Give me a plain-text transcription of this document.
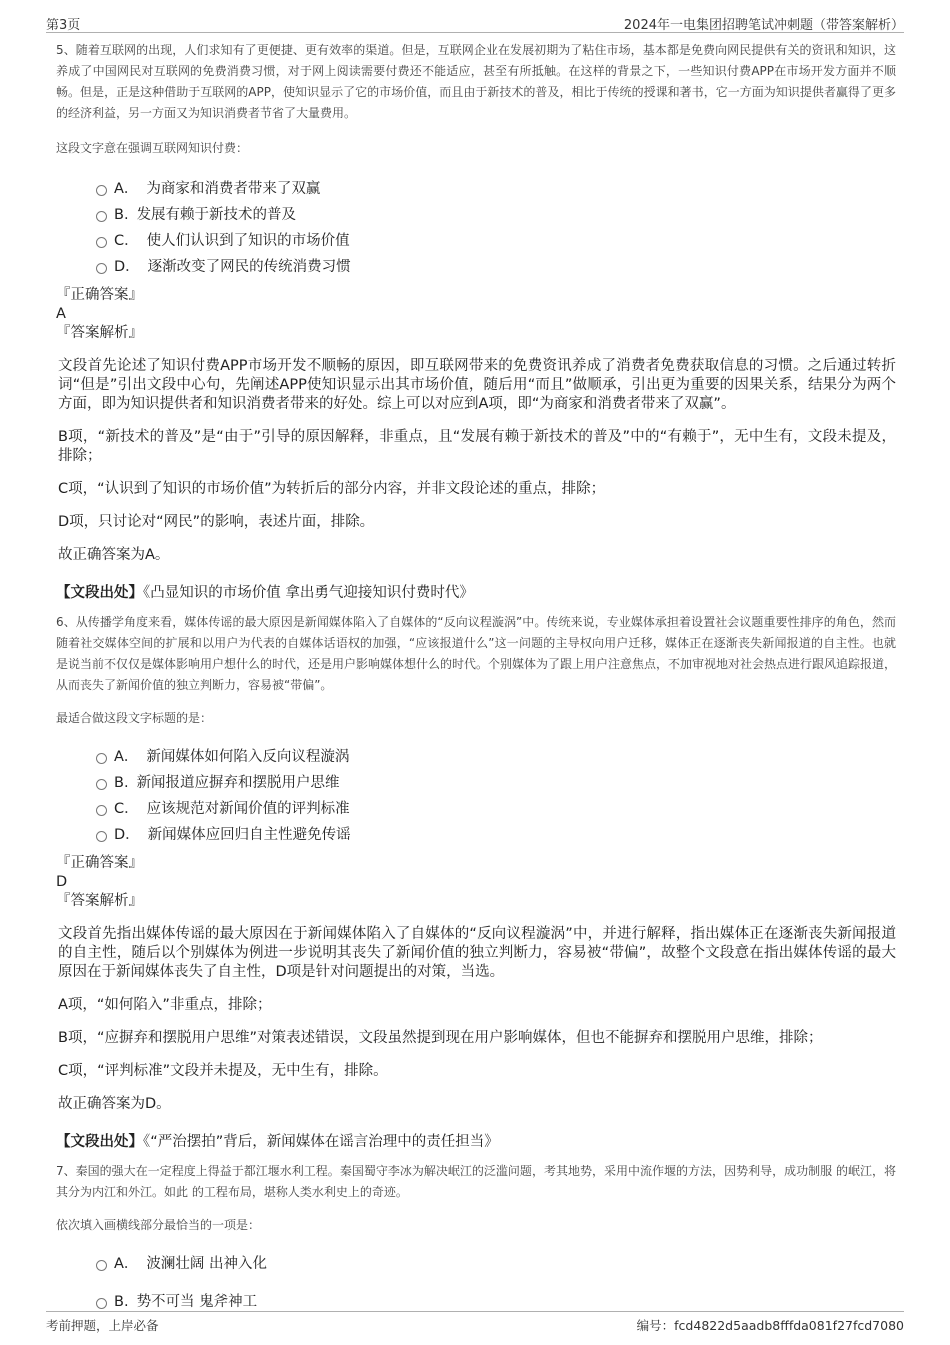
第3页	2024年一电集团招聘笔试冲刺题（带答案解析）

5、随着互联网的出现，人们求知有了更便捷、更有效率的渠道。但是，互联网企业在发展初期为了粘住市场，基本都是免费向网民提供有关的资讯和知识，这养成了中国网民对互联网的免费消费习惯，对于网上阅读需要付费还不能适应，甚至有所抵触。在这样的背景之下，一些知识付费APP在市场开发方面并不顺畅。但是，正是这种借助于互联网的APP，使知识显示了它的市场价值，而且由于新技术的普及，相比于传统的授课和著书，它一方面为知识提供者赢得了更多的经济利益，另一方面又为知识消费者节省了大量费用。

这段文字意在强调互联网知识付费：

A． 为商家和消费者带来了双赢
B. 发展有赖于新技术的普及
C． 使人们认识到了知识的市场价值
D． 逐渐改变了网民的传统消费习惯

『正确答案』

A

『答案解析』

文段首先论述了知识付费APP市场开发不顺畅的原因，即互联网带来的免费资讯养成了消费者免费获取信息的习惯。之后通过转折词“但是”引出文段中心句，先阐述APP使知识显示出其市场价值，随后用“而且”做顺承，引出更为重要的因果关系，结果分为两个方面，即为知识提供者和知识消费者带来的好处。综上可以对应到A项，即“为商家和消费者带来了双赢”。

B项，“新技术的普及”是“由于”引导的原因解释，非重点，且“发展有赖于新技术的普及”中的“有赖于”，无中生有，文段未提及，排除；

C项，“认识到了知识的市场价值”为转折后的部分内容，并非文段论述的重点，排除；

D项，只讨论对“网民”的影响，表述片面，排除。

故正确答案为A。

【文段出处】《凸显知识的市场价值 拿出勇气迎接知识付费时代》

6、从传播学角度来看，媒体传谣的最大原因是新闻媒体陷入了自媒体的“反向议程漩涡”中。传统来说，专业媒体承担着设置社会议题重要性排序的角色，然而随着社交媒体空间的扩展和以用户为代表的自媒体话语权的加强，“应该报道什么”这一问题的主导权向用户迁移，媒体正在逐渐丧失新闻报道的自主性。也就是说当前不仅仅是媒体影响用户想什么的时代，还是用户影响媒体想什么的时代。个别媒体为了跟上用户注意焦点，不加审视地对社会热点进行跟风追踪报道，从而丧失了新闻价值的独立判断力，容易被“带偏”。

最适合做这段文字标题的是：

A． 新闻媒体如何陷入反向议程漩涡
B. 新闻报道应摒弃和摆脱用户思维
C． 应该规范对新闻价值的评判标准
D． 新闻媒体应回归自主性避免传谣

『正确答案』

D

『答案解析』

文段首先指出媒体传谣的最大原因在于新闻媒体陷入了自媒体的“反向议程漩涡”中，并进行解释，指出媒体正在逐渐丧失新闻报道的自主性，随后以个别媒体为例进一步说明其丧失了新闻价值的独立判断力，容易被“带偏”，故整个文段意在指出媒体传谣的最大原因在于新闻媒体丧失了自主性，D项是针对问题提出的对策，当选。

A项，“如何陷入”非重点，排除；

B项，“应摒弃和摆脱用户思维”对策表述错误，文段虽然提到现在用户影响媒体，但也不能摒弃和摆脱用户思维，排除；

C项，“评判标准”文段并未提及，无中生有，排除。

故正确答案为D。

【文段出处】《“严治摆拍”背后，新闻媒体在谣言治理中的责任担当》

7、秦国的强大在一定程度上得益于都江堰水利工程。秦国蜀守李冰为解决岷江的泛滥问题，考其地势，采用中流作堰的方法，因势利导，成功制服 的岷江，将其分为内江和外江。如此 的工程布局，堪称人类水利史上的奇迹。

依次填入画横线部分最恰当的一项是：

A． 波澜壮阔 出神入化
B. 势不可当 鬼斧神工
考前押题，上岸必备	编号：fcd4822d5aadb8fffda081f27fcd7080
